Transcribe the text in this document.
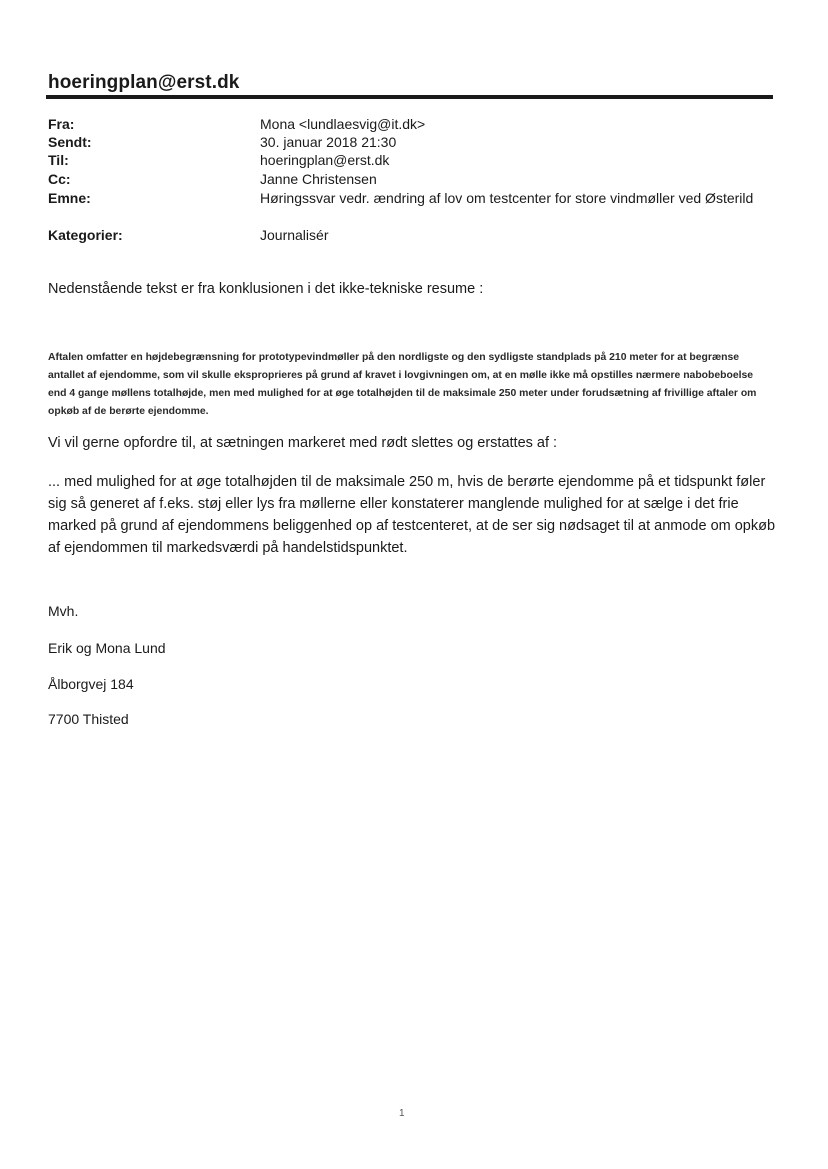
hoeringplan@erst.dk
Fra:	Mona <lundlaesvig@it.dk>
Sendt:	30. januar 2018 21:30
Til:	hoeringplan@erst.dk
Cc:	Janne Christensen
Emne:	Høringssvar vedr. ændring af lov om testcenter for store vindmøller ved Østerild
Kategorier:	Journalisér
Nedenstående tekst er fra konklusionen i det ikke-tekniske resume :
Aftalen omfatter en højdebegrænsning for prototypevindmøller på den nordligste og den sydligste standplads på 210 meter for at begrænse antallet af ejendomme, som vil skulle eksproprieres på grund af kravet i lovgivningen om, at en mølle ikke må opstilles nærmere nabobeboelse end 4 gange møllens totalhøjde, men med mulighed for at øge totalhøjden til de maksimale 250 meter under forudsætning af frivillige aftaler om opkøb af de berørte ejendomme.
Vi vil gerne opfordre til, at sætningen markeret med rødt slettes og erstattes af :
... med mulighed for at øge totalhøjden til de maksimale 250 m, hvis de berørte ejendomme på et tidspunkt føler sig så generet af f.eks. støj eller lys fra møllerne eller konstaterer manglende mulighed for at sælge i det frie marked på grund af ejendommens beliggenhed op af testcenteret, at de ser sig nødsaget til at anmode om opkøb af ejendommen til markedsværdi på handelstidspunktet.
Mvh.
Erik og Mona Lund
Ålborgvej 184
7700 Thisted
1
